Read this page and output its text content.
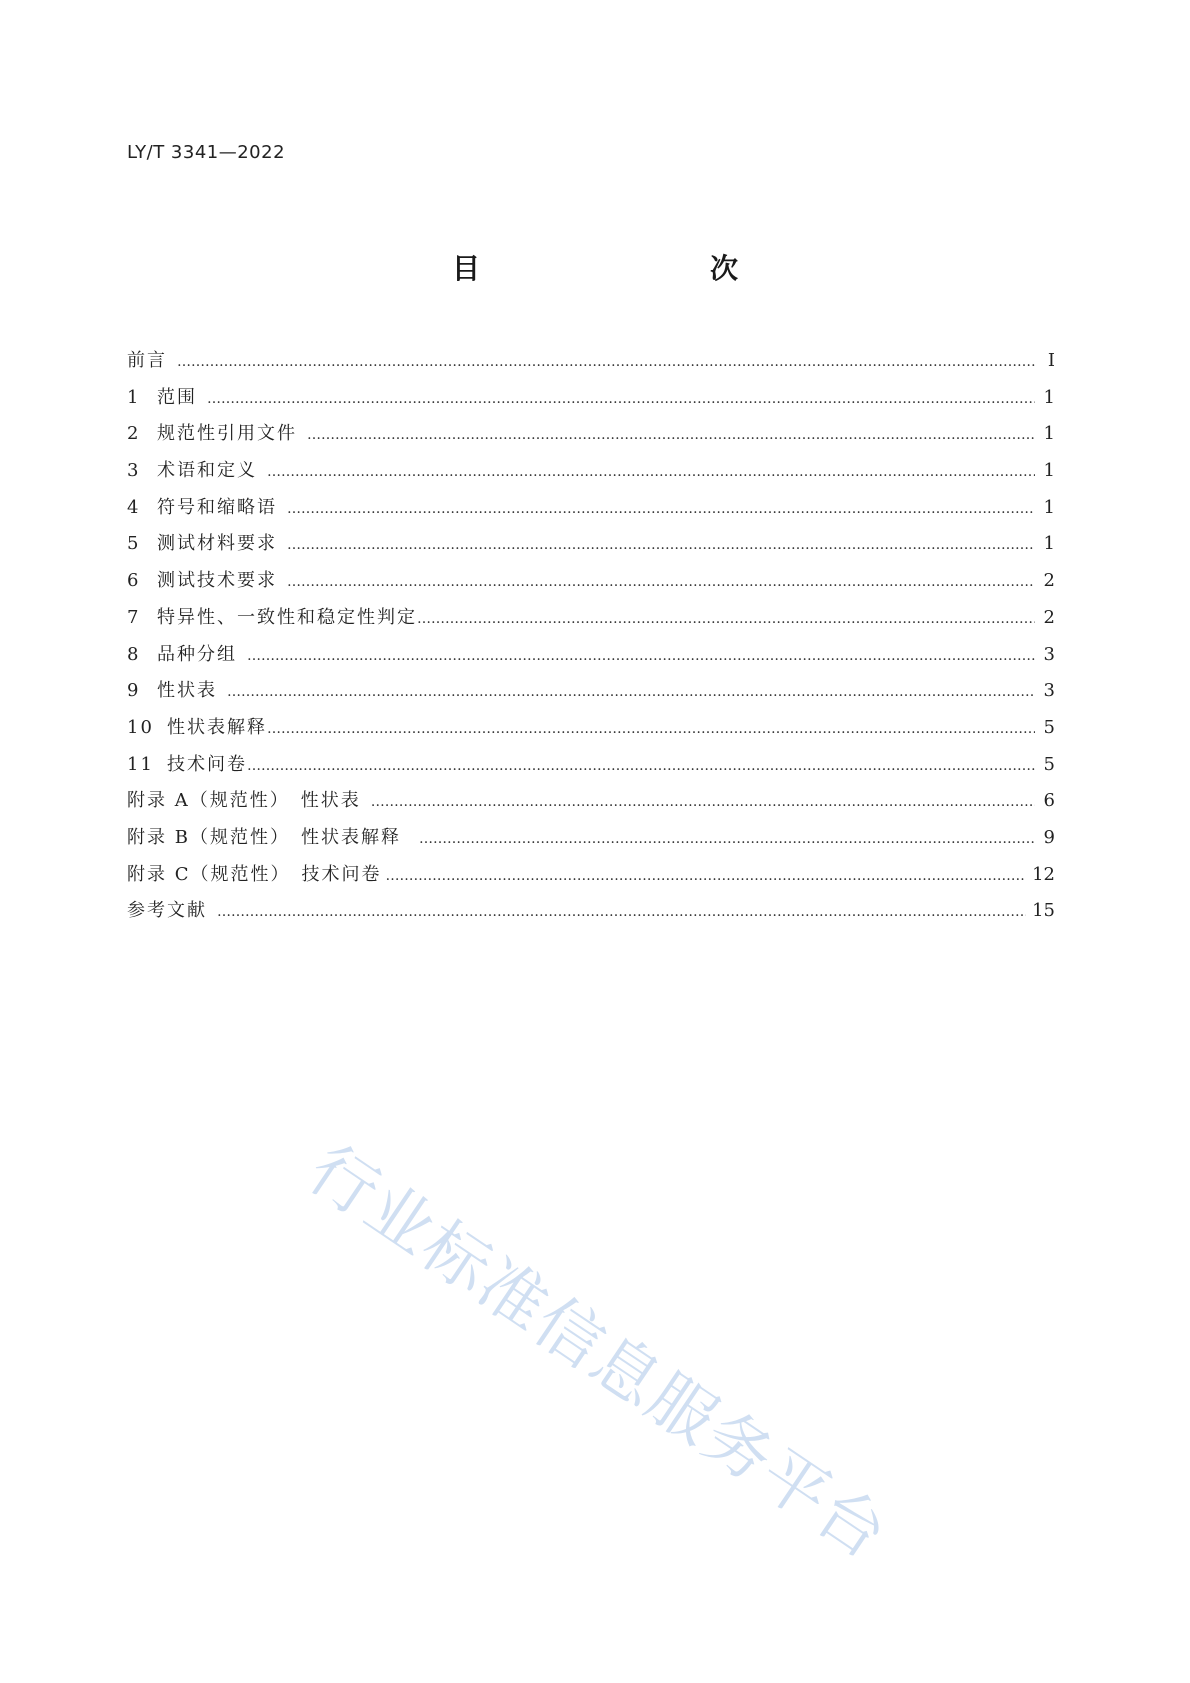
LY/T 3341—2022
目　　次
前言 …………………………………………………………………………………………………………………………………………………………………………………………………………………………………………	Ⅰ
1 范围 …………………………………………………………………………………………………………………………………………………………………………………………………………………………………………	1
2 规范性引用文件 …………………………………………………………………………………………………………………………………………………………………………………………………………………………………………	1
3 术语和定义 …………………………………………………………………………………………………………………………………………………………………………………………………………………………………………	1
4 符号和缩略语 …………………………………………………………………………………………………………………………………………………………………………………………………………………………………………	1
5 测试材料要求 …………………………………………………………………………………………………………………………………………………………………………………………………………………………………………	1
6 测试技术要求 …………………………………………………………………………………………………………………………………………………………………………………………………………………………………………	2
7 特异性、一致性和稳定性判定 …………………………………………………………………………………………………………………………………………………………………………………………………………………………………………	2
8 品种分组 …………………………………………………………………………………………………………………………………………………………………………………………………………………………………………	3
9 性状表 …………………………………………………………………………………………………………………………………………………………………………………………………………………………………………	3
10 性状表解释 …………………………………………………………………………………………………………………………………………………………………………………………………………………………………………	5
11 技术问卷 …………………………………………………………………………………………………………………………………………………………………………………………………………………………………………	5
附录 A（规范性）　性状表 …………………………………………………………………………………………………………………………………………………………………………………………………………………………………………	6
附录 B（规范性）　性状表解释 …………………………………………………………………………………………………………………………………………………………………………………………………………………………………………	9
附录 C（规范性）　技术问卷 …………………………………………………………………………………………………………………………………………………………………………………………………………………………………………	12
参考文献 …………………………………………………………………………………………………………………………………………………………………………………………………………………………………………	15
行业标准信息服务平台
